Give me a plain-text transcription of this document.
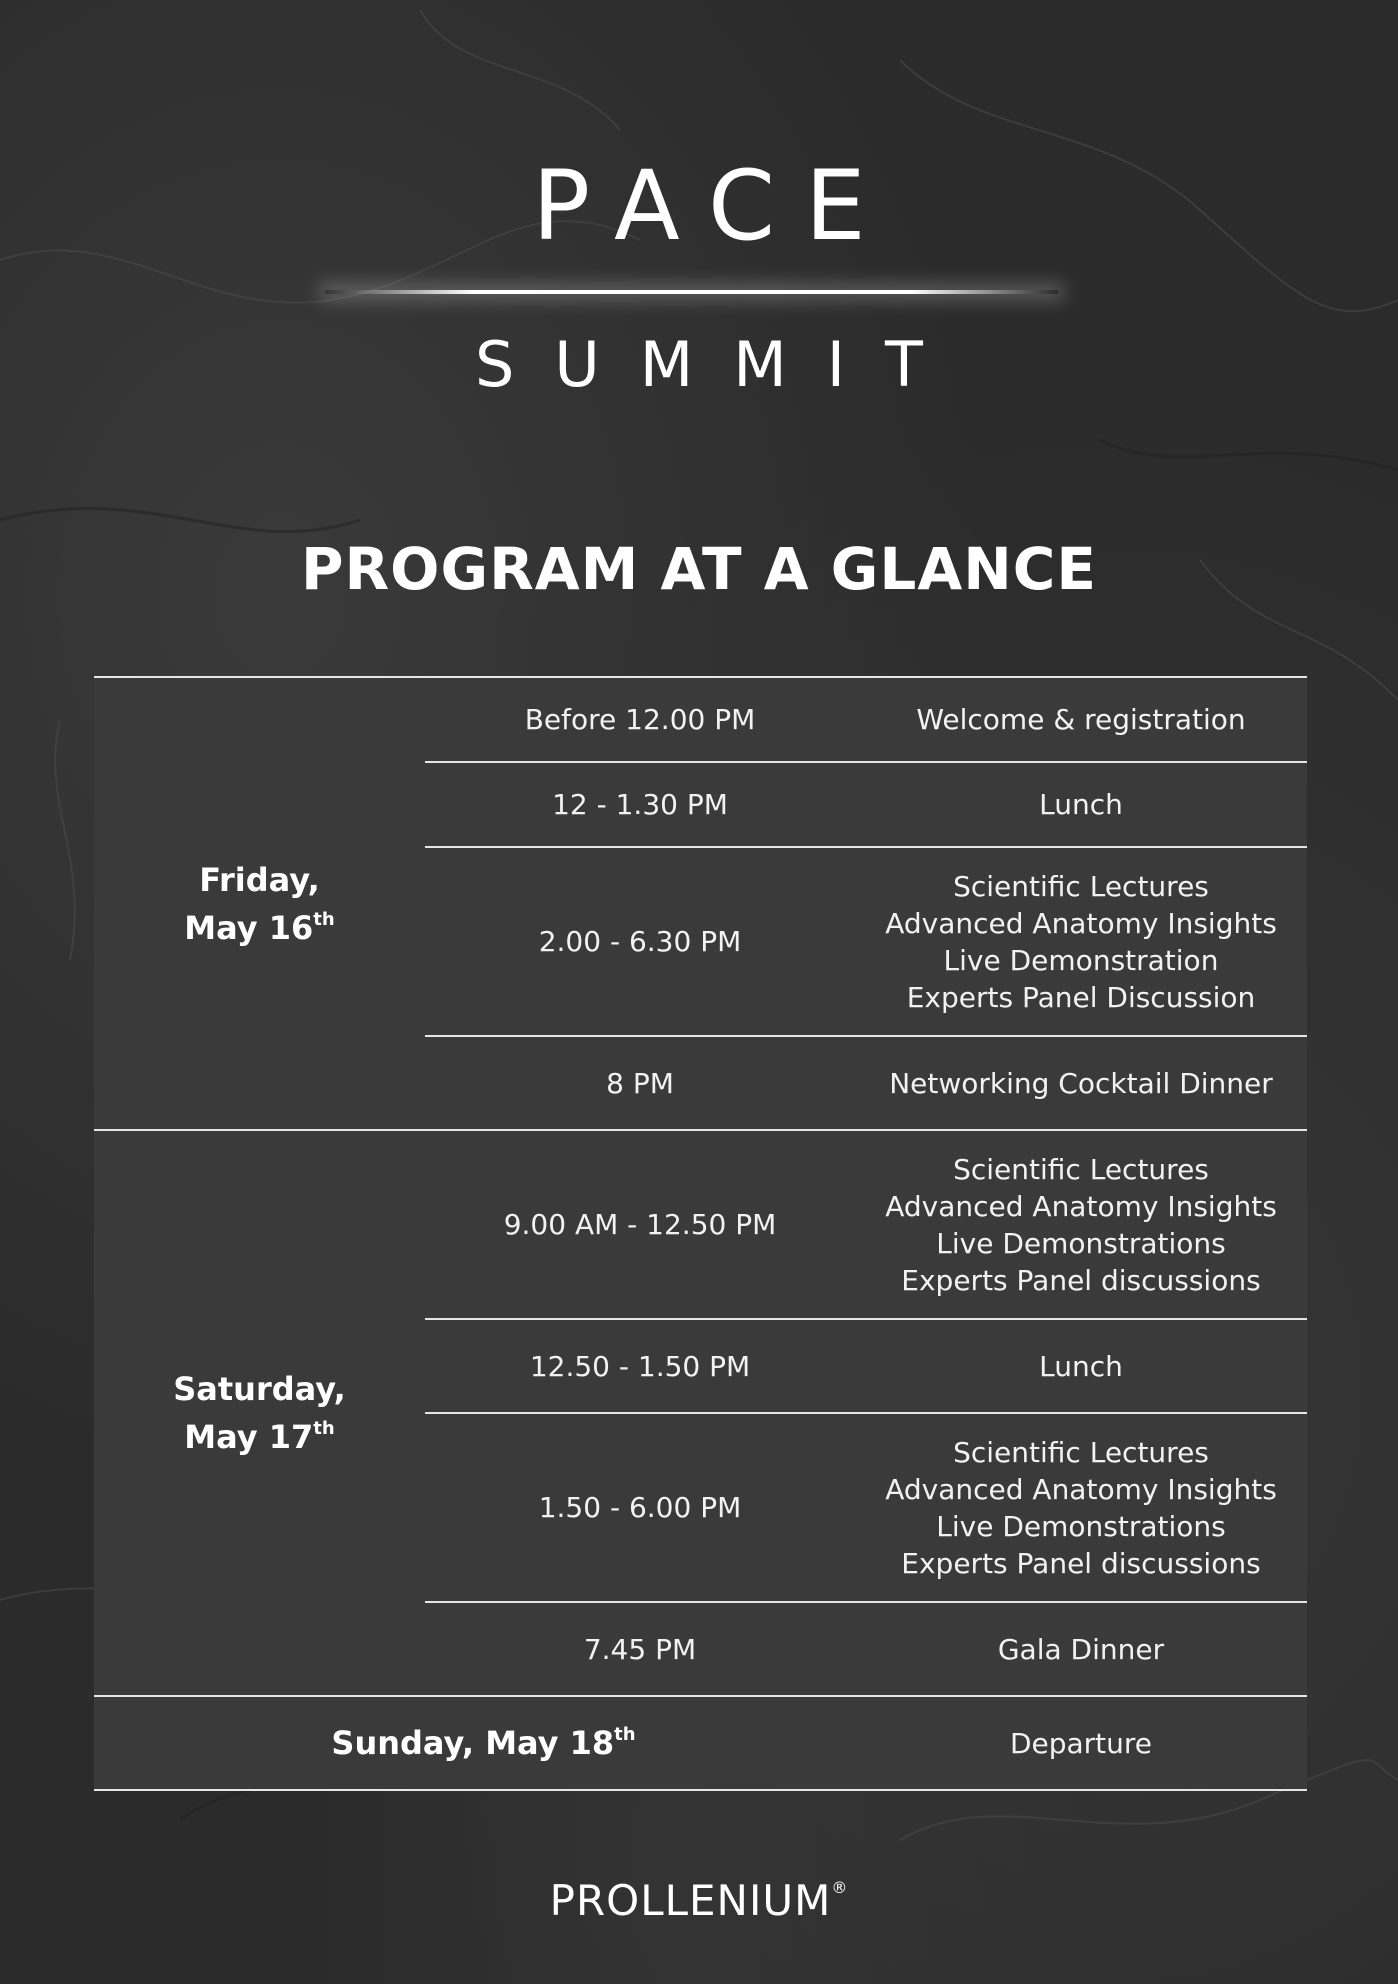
PACE
SUMMIT
PROGRAM AT A GLANCE
Friday,
May 16th	Before 12.00 PM	Welcome & registration

	12 - 1.30 PM	Lunch

	2.00 - 6.30 PM	Scientific Lectures
Advanced Anatomy Insights
Live Demonstration
Experts Panel Discussion

	8 PM	Networking Cocktail Dinner

Saturday,
May 17th	9.00 AM - 12.50 PM	Scientific Lectures
Advanced Anatomy Insights
Live Demonstrations
Experts Panel discussions

	12.50 - 1.50 PM	Lunch

	1.50 - 6.00 PM	Scientific Lectures
Advanced Anatomy Insights
Live Demonstrations
Experts Panel discussions

	7.45 PM	Gala Dinner

Sunday, May 18th		Departure
PROLLENIUM®
